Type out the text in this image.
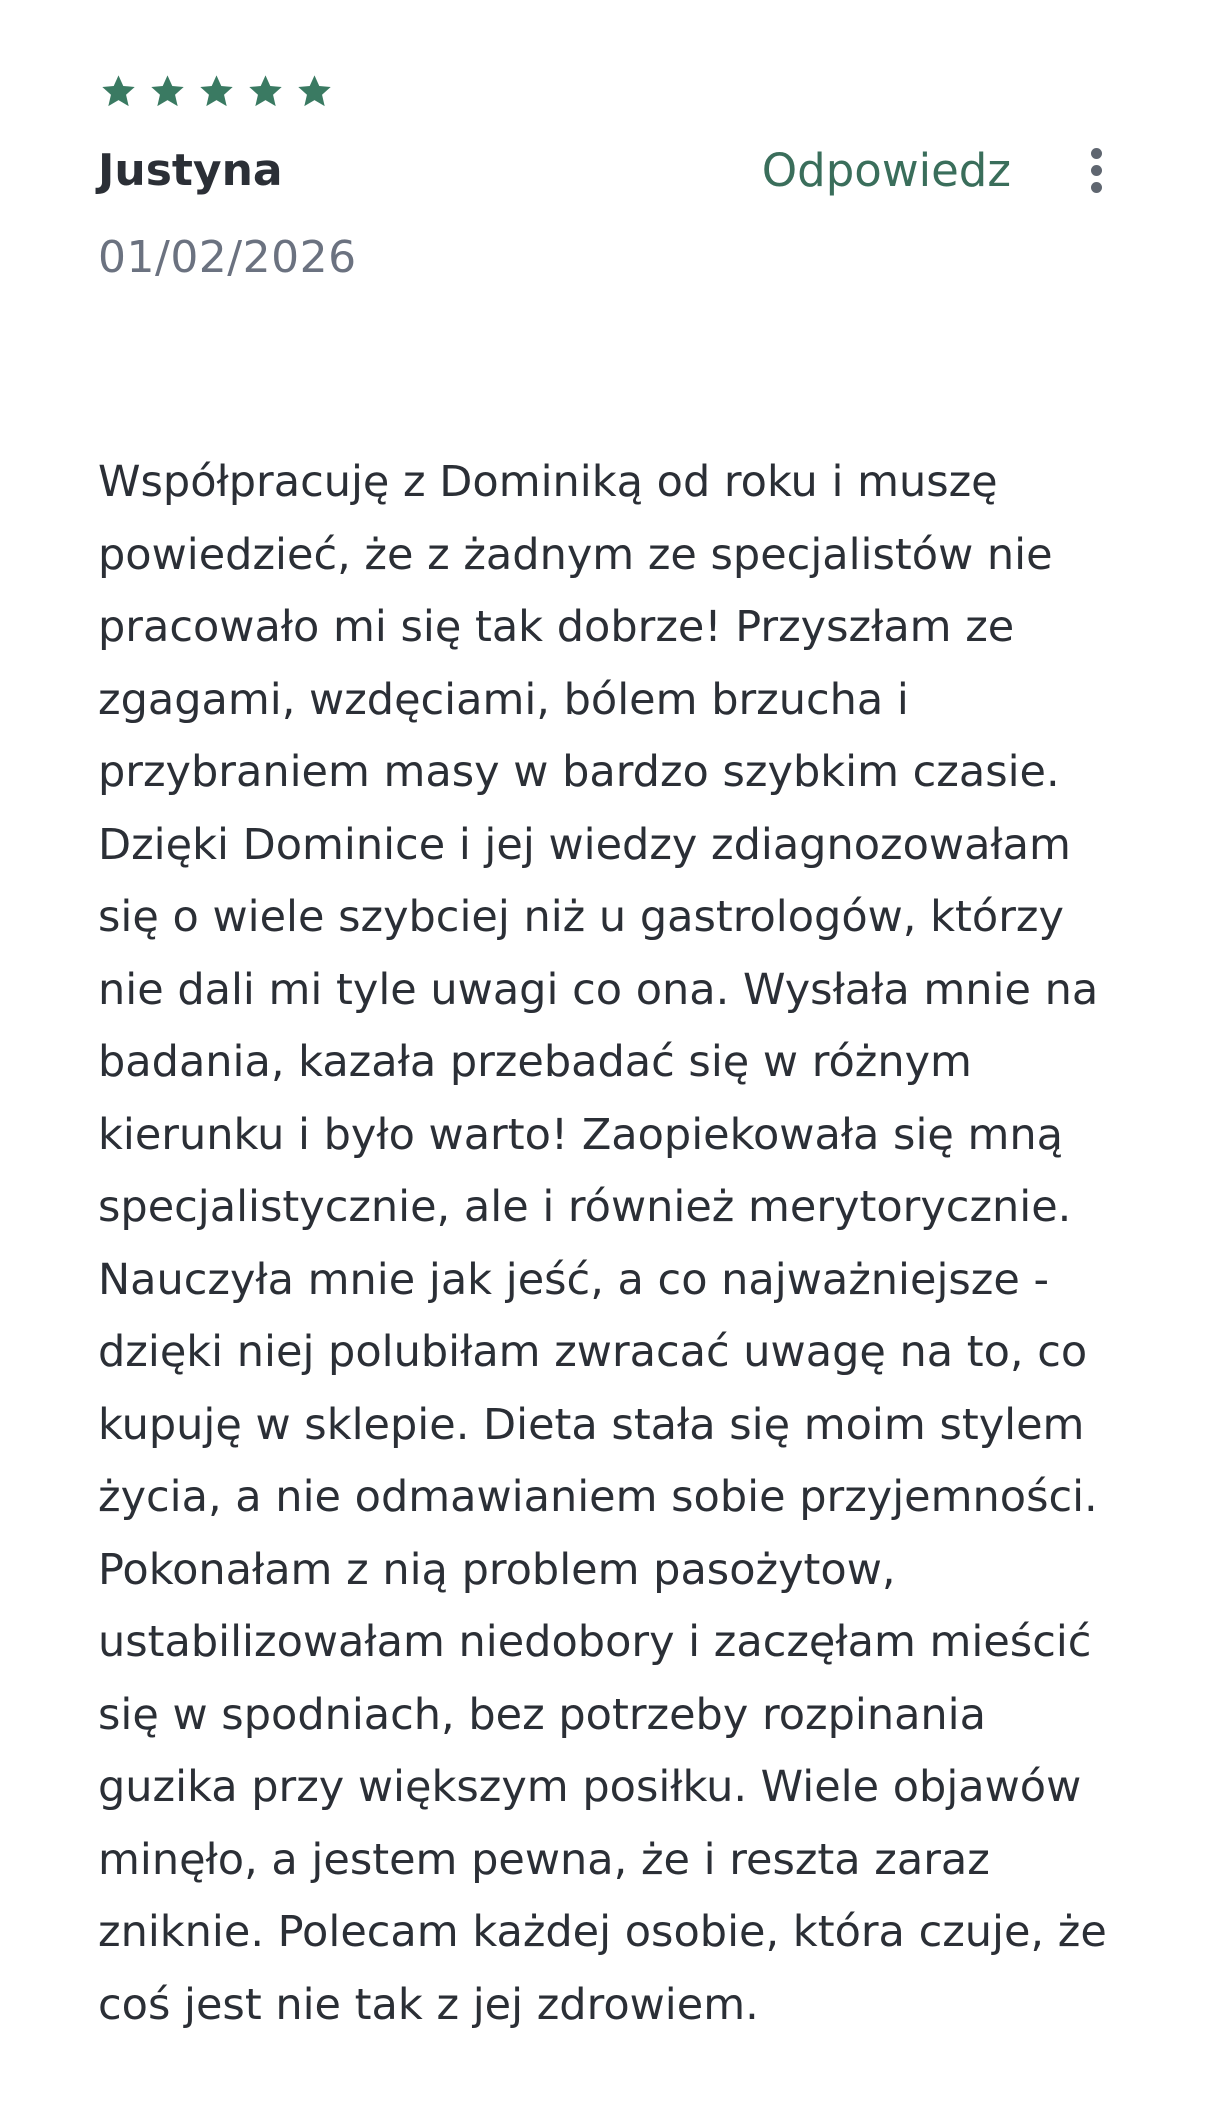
Justyna	Odpowiedz
01/02/2026
Współpracuję z Dominiką od roku i muszę
powiedzieć, że z żadnym ze specjalistów nie
pracowało mi się tak dobrze! Przyszłam ze
zgagami, wzdęciami, bólem brzucha i
przybraniem masy w bardzo szybkim czasie.
Dzięki Dominice i jej wiedzy zdiagnozowałam
się o wiele szybciej niż u gastrologów, którzy
nie dali mi tyle uwagi co ona. Wysłała mnie na
badania, kazała przebadać się w różnym
kierunku i było warto! Zaopiekowała się mną
specjalistycznie, ale i również merytorycznie.
Nauczyła mnie jak jeść, a co najważniejsze -
dzięki niej polubiłam zwracać uwagę na to, co
kupuję w sklepie. Dieta stała się moim stylem
życia, a nie odmawianiem sobie przyjemności.
Pokonałam z nią problem pasożytow,
ustabilizowałam niedobory i zaczęłam mieścić
się w spodniach, bez potrzeby rozpinania
guzika przy większym posiłku. Wiele objawów
minęło, a jestem pewna, że i reszta zaraz
zniknie. Polecam każdej osobie, która czuje, że
coś jest nie tak z jej zdrowiem.
